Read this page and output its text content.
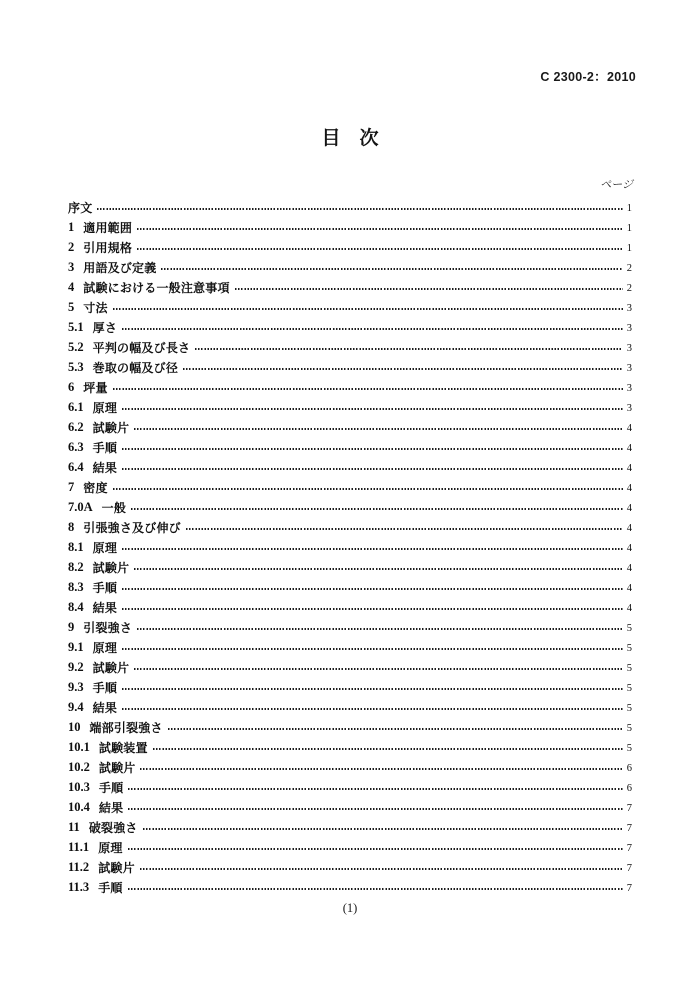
C 2300-2：2010
目　次
ページ
序文	1
1 適用範囲	1
2 引用規格	1
3 用語及び定義	2
4 試験における一般注意事項	2
5 寸法	3
5.1 厚さ	3
5.2 平判の幅及び長さ	3
5.3 巻取の幅及び径	3
6 坪量	3
6.1 原理	3
6.2 試験片	4
6.3 手順	4
6.4 結果	4
7 密度	4
7.0A 一般	4
8 引張強さ及び伸び	4
8.1 原理	4
8.2 試験片	4
8.3 手順	4
8.4 結果	4
9 引裂強さ	5
9.1 原理	5
9.2 試験片	5
9.3 手順	5
9.4 結果	5
10 端部引裂強さ	5
10.1 試験装置	5
10.2 試験片	6
10.3 手順	6
10.4 結果	7
11 破裂強さ	7
11.1 原理	7
11.2 試験片	7
11.3 手順	7
(1)
